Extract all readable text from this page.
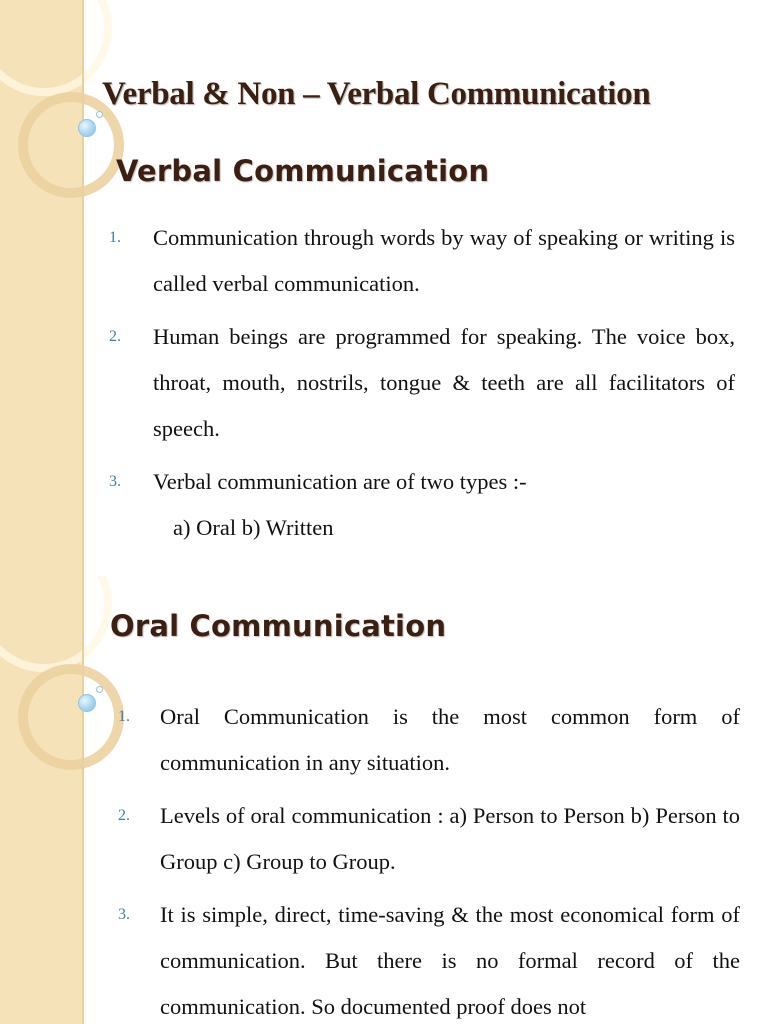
Verbal & Non – Verbal Communication
Verbal Communication
1. Communication through words by way of speaking or writing is called verbal communication.
2. Human beings are programmed for speaking. The voice box, throat, mouth, nostrils, tongue & teeth are all facilitators of speech.
3. Verbal communication are of two types :-
a) Oral b) Written
Oral Communication
1. Oral Communication is the most common form of communication in any situation.
2. Levels of oral communication : a) Person to Person b) Person to Group c) Group to Group.
3. It is simple, direct, time-saving & the most economical form of communication. But there is no formal record of the communication. So documented proof does not
